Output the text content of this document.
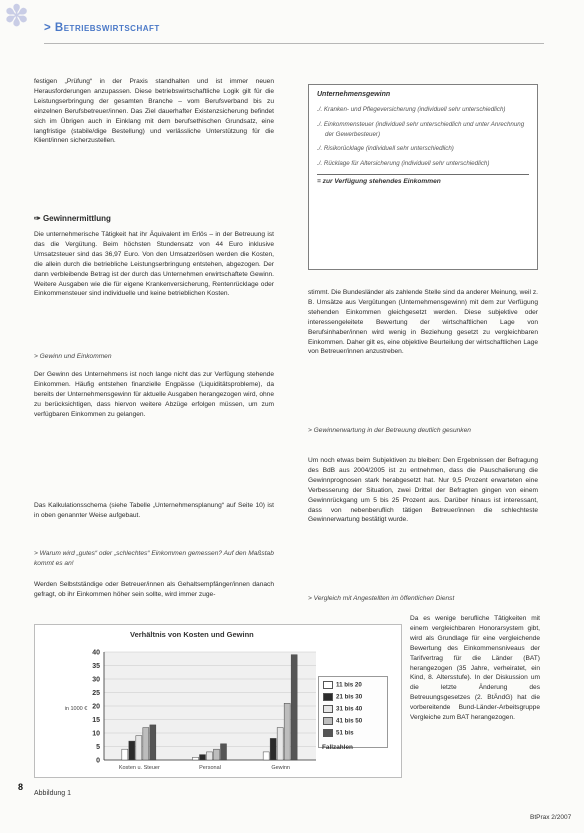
✽	> Betriebswirtschaft

festigen „Prüfung“ in der Praxis standhalten und ist immer neuen Herausforderungen anzupassen. Diese betriebswirtschaftliche Logik gilt für die Leistungserbringung der gesamten Branche – vom Berufsverband bis zu einzelnen Berufsbetreuer/innen. Das Ziel dauerhafter Existenzsicherung befindet sich im Übrigen auch in Einklang mit dem berufsethischen Grundsatz, eine langfristige (stabile/dige Bestellung) und verlässliche Unterstützung für die Klient/innen sicherzustellen.

✑ Gewinnermittlung

Die unternehmerische Tätigkeit hat ihr Äquivalent im Erlös – in der Betreuung ist das die Vergütung. Beim höchsten Stundensatz von 44 Euro inklusive Umsatzsteuer sind das 36,97 Euro. Von den Umsatzerlösen werden die Kosten, die allein durch die betriebliche Leistungserbringung entstehen, abgezogen. Der dann verbleibende Betrag ist der durch das Unternehmen erwirtschaftete Gewinn. Weitere Ausgaben wie die für eigene Krankenversicherung, Rentenrücklage oder Einkommensteuer sind individuelle und keine betrieblichen Kosten.

> Gewinn und Einkommen

Der Gewinn des Unternehmens ist noch lange nicht das zur Verfügung stehende Einkommen. Häufig entstehen finanzielle Engpässe (Liquiditätsprobleme), da bereits der Unternehmensgewinn für aktuelle Ausgaben herangezogen wird, ohne zu berücksichtigen, dass hiervon weitere Abzüge erfolgen müssen, um zum verfügbaren Einkommen zu gelangen.

Das Kalkulationsschema (siehe Tabelle „Unternehmensplanung“ auf Seite 10) ist in oben genannter Weise aufgebaut.

> Warum wird „gutes“ oder „schlechtes“ Einkommen gemessen? Auf den Maßstab kommt es an!

Werden Selbstständige oder Betreuer/innen als Gehaltsempfänger/innen danach gefragt, ob ihr Einkommen höher sein sollte, wird immer zuge-

Unternehmensgewinn
./. Kranken- und Pflegeversicherung (individuell sehr unterschiedlich)
./. Einkommensteuer (individuell sehr unterschiedlich und unter Anrechnung der Gewerbesteuer)
./. Risikorücklage (individuell sehr unterschiedlich)
./. Rücklage für Altersicherung (individuell sehr unterschiedlich)
= zur Verfügung stehendes Einkommen

stimmt. Die Bundesländer als zahlende Stelle sind da anderer Meinung, weil z. B. Umsätze aus Vergütungen (Unternehmensgewinn) mit dem zur Verfügung stehenden Einkommen gleichgesetzt werden. Diese subjektive oder interessengeleitete Bewertung der wirtschaftlichen Lage von Berufsinhaber/innen wird wenig in Beziehung gesetzt zu vergleichbaren Einkommen. Daher gilt es, eine objektive Beurteilung der wirtschaftlichen Lage von Betreuer/innen anzustreben.

> Gewinnerwartung in der Betreuung deutlich gesunken

Um noch etwas beim Subjektiven zu bleiben: Den Ergebnissen der Befragung des BdB aus 2004/2005 ist zu entnehmen, dass die Pauschalierung die Gewinnprognosen stark herabgesetzt hat. Nur 9,5 Prozent erwarteten eine Verbesserung der Situation, zwei Drittel der Befragten gingen von einem Gewinnrückgang um 5 bis 25 Prozent aus. Darüber hinaus ist interessant, dass von nebenberuflich tätigen Betreuer/innen die schlechteste Gewinnerwartung bestätigt wurde.

> Vergleich mit Angestellten im öffentlichen Dienst

Da es wenige berufliche Tätigkeiten mit einem vergleichbaren Honorarsystem gibt, wird als Grundlage für eine vergleichende Bewertung des Einkommensniveaus der Tarifvertrag für die Länder (BAT) herangezogen (35 Jahre, verheiratet, ein Kind, 8. Altersstufe). In der Diskussion um die letzte Änderung des Betreuungsgesetzes (2. BtÄndG) hat die vorbereitende Bund-Länder-Arbeitsgruppe Vergleiche zum BAT herangezogen.

Verhältnis von Kosten und Gewinn
0
5
10
15
20
25
30
35
40
in 1000 €
Kosten u. Steuer	Personal	Gewinn
11 bis 20
21 bis 30
31 bis 40
41 bis 50
51 bis
Fallzahlen
Abbildung 1
8
BtPrax 2/2007
